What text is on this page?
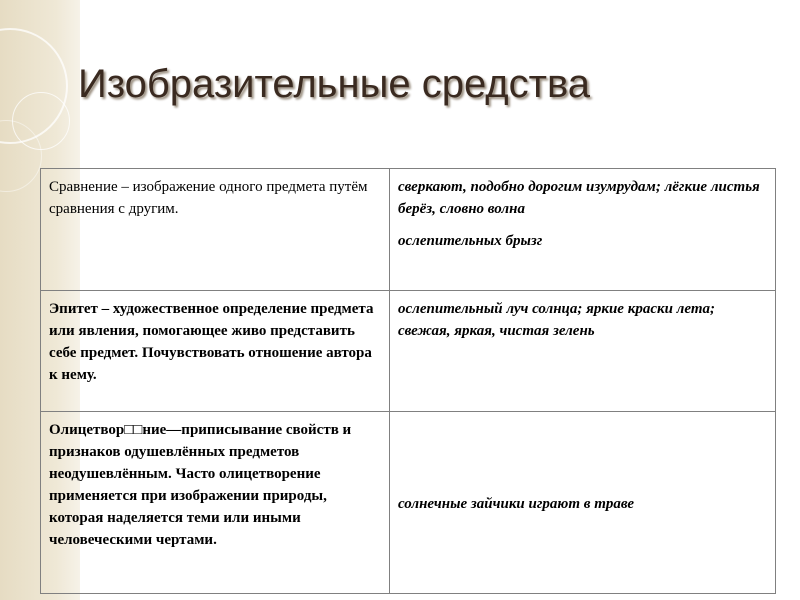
Изобразительные средства
Сравнение – изображение одного предмета путём сравнения с другим.	сверкают, подобно дорогим изумрудам; лёгкие листья берёз, словно волна
ослепительных брызг

Эпитет – художественное определение предмета или явления, помогающее живо представить себе предмет. Почувствовать отношение автора к нему.	ослепительный луч солнца; яркие краски лета; свежая, яркая, чистая зелень
Олицетвор□□ние—приписывание свойств и признаков одушевлённых предметов неодушевлённым. Часто олицетворение применяется при изображении природы, которая наделяется теми или иными человеческими чертами.	солнечные зайчики играют в траве
